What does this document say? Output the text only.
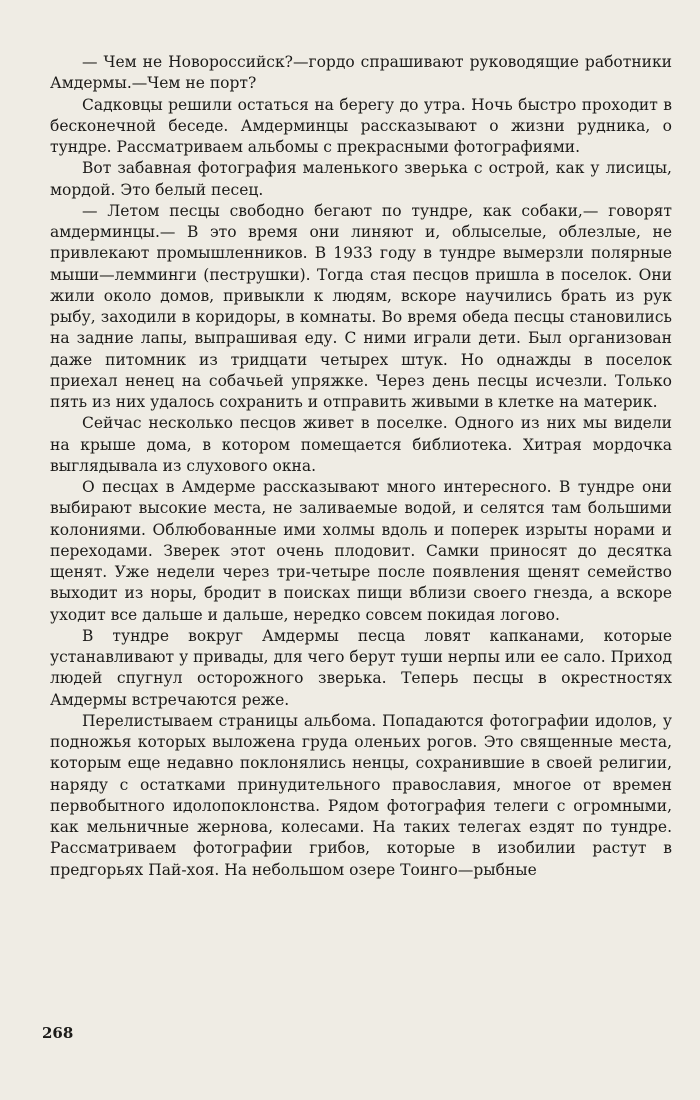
— Чем не Новороссийск?—гордо спрашивают руководящие работники Амдермы.—Чем не порт?

Садковцы решили остаться на берегу до утра. Ночь быстро проходит в бесконечной беседе. Амдерминцы рассказывают о жизни рудника, о тундре. Рассматриваем альбомы с прекрасными фотографиями.

Вот забавная фотография маленького зверька с острой, как у лисицы, мордой. Это белый песец.

— Летом песцы свободно бегают по тундре, как собаки,— говорят амдерминцы.— В это время они линяют и, облыселые, облезлые, не привлекают промышленников. В 1933 году в тундре вымерзли полярные мыши—лемминги (пеструшки). Тогда стая песцов пришла в поселок. Они жили около домов, привыкли к людям, вскоре научились брать из рук рыбу, заходили в коридоры, в комнаты. Во время обеда песцы становились на задние лапы, выпрашивая еду. С ними играли дети. Был организован даже питомник из тридцати четырех штук. Но однажды в поселок приехал ненец на собачьей упряжке. Через день песцы исчезли. Только пять из них удалось сохранить и отправить живыми в клетке на материк.

Сейчас несколько песцов живет в поселке. Одного из них мы видели на крыше дома, в котором помещается библиотека. Хитрая мордочка выглядывала из слухового окна.

О песцах в Амдерме рассказывают много интересного. В тундре они выбирают высокие места, не заливаемые водой, и селятся там большими колониями. Облюбованные ими холмы вдоль и поперек изрыты норами и переходами. Зверек этот очень плодовит. Самки приносят до десятка щенят. Уже недели через три-четыре после появления щенят семейство выходит из норы, бродит в поисках пищи вблизи своего гнезда, а вскоре уходит все дальше и дальше, нередко совсем покидая логово.

В тундре вокруг Амдермы песца ловят капканами, которые устанавливают у привады, для чего берут туши нерпы или ее сало. Приход людей спугнул осторожного зверька. Теперь песцы в окрестностях Амдермы встречаются реже.

Перелистываем страницы альбома. Попадаются фотографии идолов, у подножья которых выложена груда оленьих рогов. Это священные места, которым еще недавно поклонялись ненцы, сохранившие в своей религии, наряду с остатками принудительного православия, многое от времен первобытного идолопоклонства. Рядом фотография телеги с огромными, как мельничные жернова, колесами. На таких телегах ездят по тундре. Рассматриваем фотографии грибов, которые в изобилии растут в предгорьях Пай-хоя. На небольшом озере Тоинго—рыбные

268
